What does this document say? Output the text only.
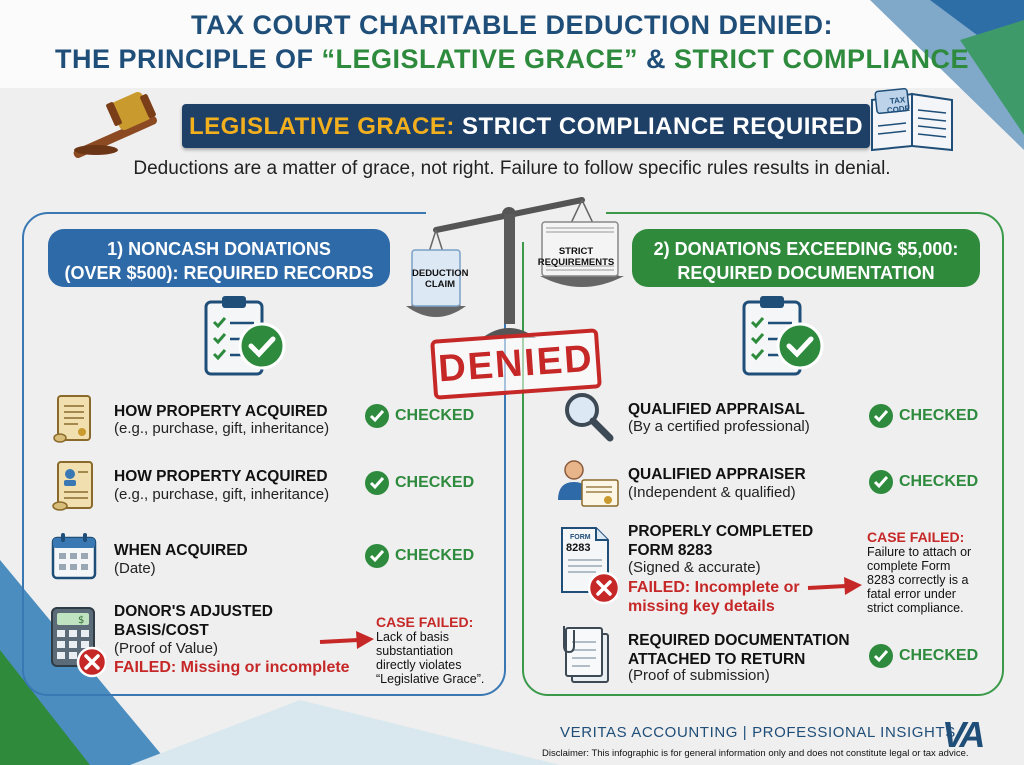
TAX COURT CHARITABLE DEDUCTION DENIED:
THE PRINCIPLE OF “LEGISLATIVE GRACE” & STRICT COMPLIANCE
LEGISLATIVE GRACE: STRICT COMPLIANCE REQUIRED
TAX CODE
Deductions are a matter of grace, not right. Failure to follow specific rules results in denial.
DEDUCTION
CLAIM
STRICT
REQUIREMENTS
DENIED
1) NONCASH DONATIONS
(OVER $500): REQUIRED RECORDS
HOW PROPERTY ACQUIRED
(e.g., purchase, gift, inheritance)
CHECKED
HOW PROPERTY ACQUIRED
(e.g., purchase, gift, inheritance)
CHECKED
WHEN ACQUIRED
(Date)
CHECKED
$
DONOR'S ADJUSTED
BASIS/COST
(Proof of Value)
FAILED: Missing or incomplete
CASE FAILED:
Lack of basis
substantiation
directly violates
“Legislative Grace”.
2) DONATIONS EXCEEDING $5,000:
REQUIRED DOCUMENTATION
QUALIFIED APPRAISAL
(By a certified professional)
CHECKED
QUALIFIED APPRAISER
(Independent & qualified)
CHECKED
FORM
8283
PROPERLY COMPLETED
FORM 8283
(Signed & accurate)
FAILED: Incomplete or
missing key details
CASE FAILED:
Failure to attach or
complete Form
8283 correctly is a
fatal error under
strict compliance.
REQUIRED DOCUMENTATION
ATTACHED TO RETURN
(Proof of submission)
CHECKED
VERITAS ACCOUNTING | PROFESSIONAL INSIGHTS
VA
Disclaimer: This infographic is for general information only and does not constitute legal or tax advice.
